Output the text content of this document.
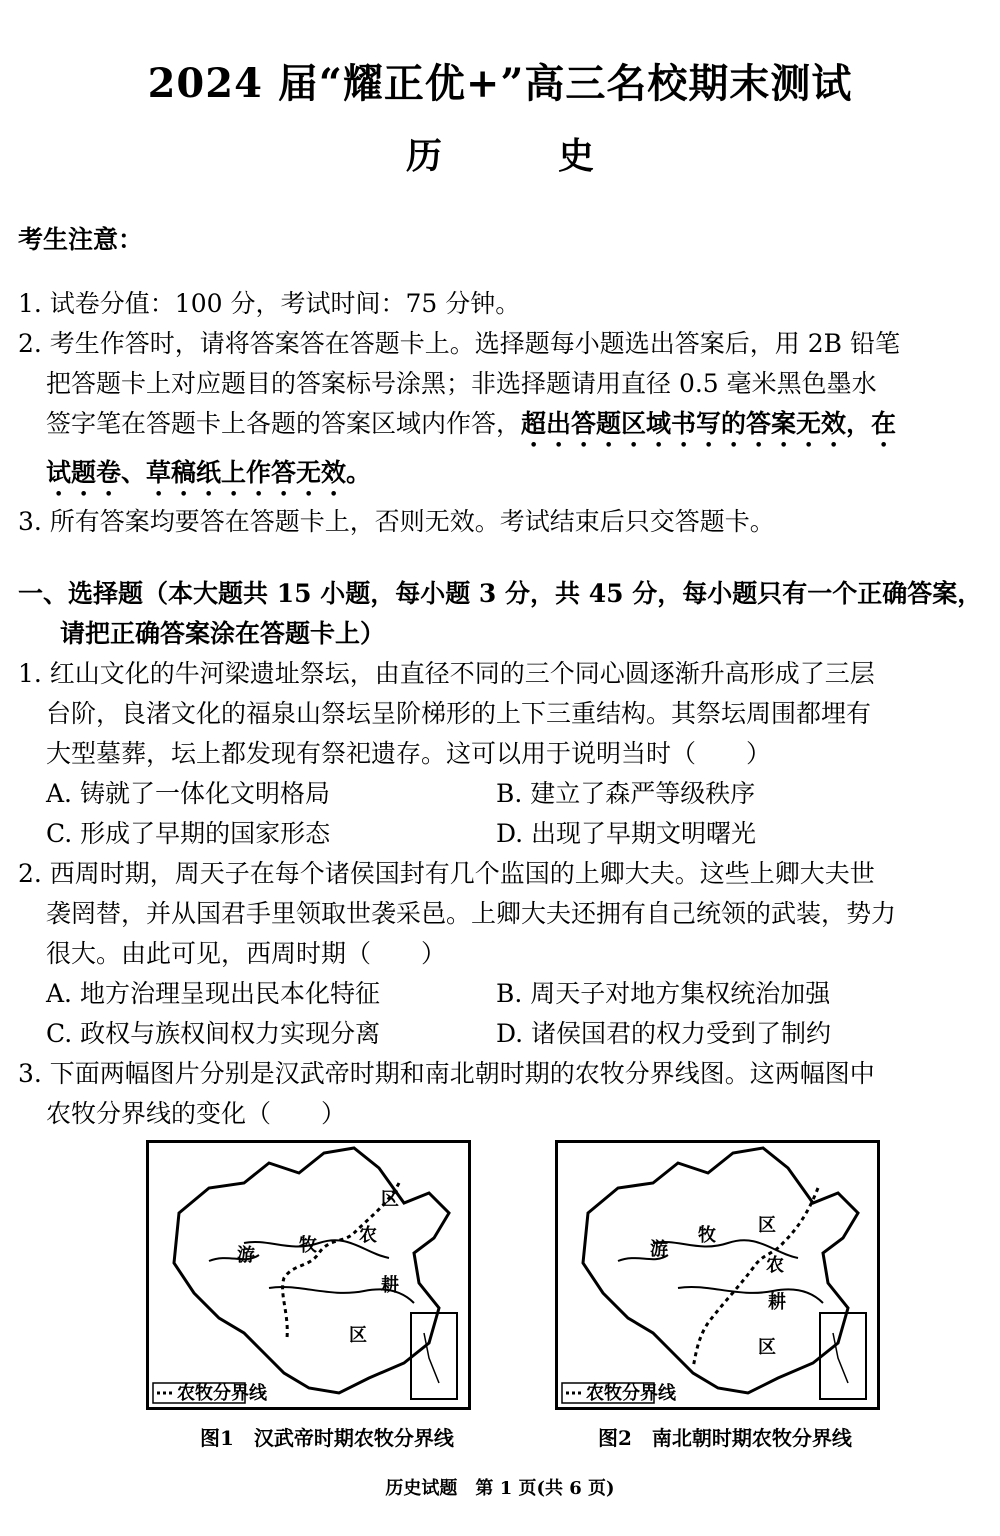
2024 届“耀正优+”高三名校期末测试
历　史
考生注意：

1. 试卷分值：100 分，考试时间：75 分钟。

2. 考生作答时，请将答案答在答题卡上。选择题每小题选出答案后，用 2B 铅笔

把答题卡上对应题目的答案标号涂黑；非选择题请用直径 0.5 毫米黑色墨水

签字笔在答题卡上各题的答案区域内作答，超出答题区域书写的答案无效，在

试题卷、草稿纸上作答无效。

3. 所有答案均要答在答题卡上，否则无效。考试结束后只交答题卡。

一、选择题（本大题共 15 小题，每小题 3 分，共 45 分，每小题只有一个正确答案，

请把正确答案涂在答题卡上）

1. 红山文化的牛河梁遗址祭坛，由直径不同的三个同心圆逐渐升高形成了三层

台阶，良渚文化的福泉山祭坛呈阶梯形的上下三重结构。其祭坛周围都埋有

大型墓葬，坛上都发现有祭祀遗存。这可以用于说明当时（　　）

A. 铸就了一体化文明格局	B. 建立了森严等级秩序
C. 形成了早期的国家形态	D. 出现了早期文明曙光

2. 西周时期，周天子在每个诸侯国封有几个监国的上卿大夫。这些上卿大夫世

袭罔替，并从国君手里领取世袭采邑。上卿大夫还拥有自己统领的武装，势力

很大。由此可见，西周时期（　　）

A. 地方治理呈现出民本化特征	B. 周天子对地方集权统治加强
C. 政权与族权间权力实现分离	D. 诸侯国君的权力受到了制约

3. 下面两幅图片分别是汉武帝时期和南北朝时期的农牧分界线图。这两幅图中

农牧分界线的变化（　　）

农牧分界线
游 牧
区
农
耕
区
图1　汉武帝时期农牧分界线
农牧分界线
游
牧 区
农
耕
区
图2　南北朝时期农牧分界线
历史试题　第 1 页(共 6 页)
